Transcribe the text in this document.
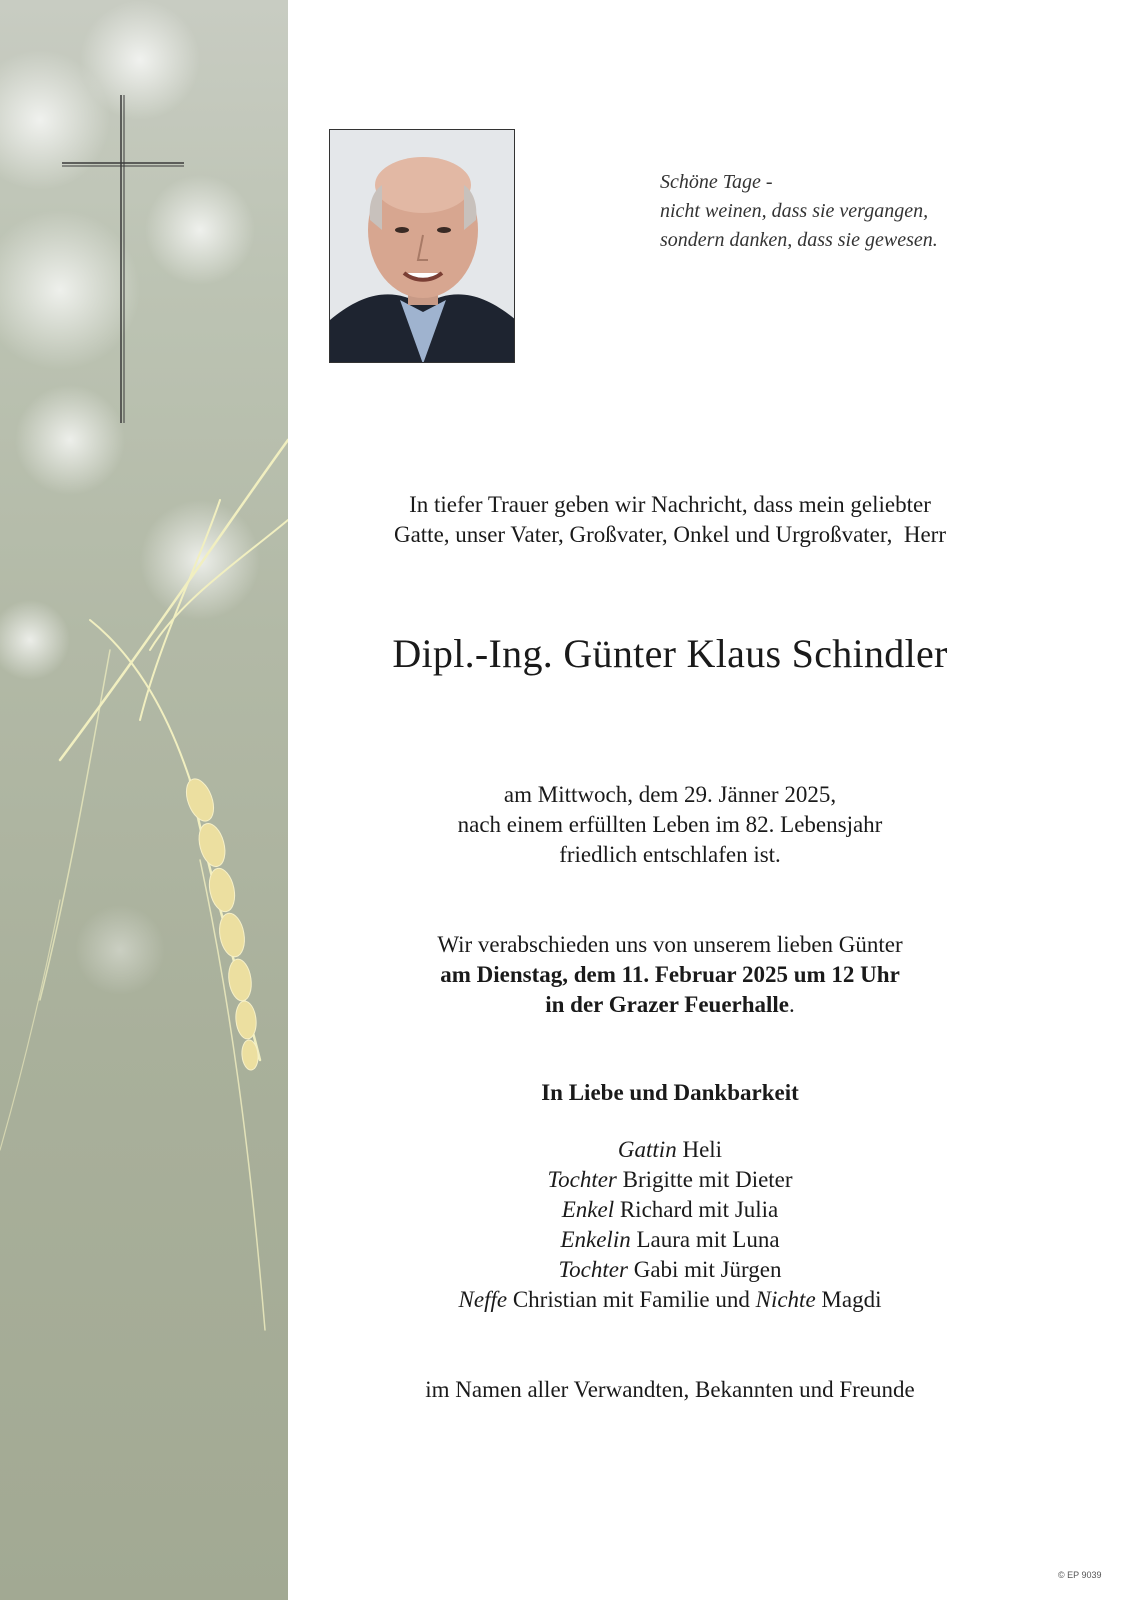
Schöne Tage -
nicht weinen, dass sie vergangen,
sondern danken, dass sie gewesen.
In tiefer Trauer geben wir Nachricht, dass mein geliebter
Gatte, unser Vater, Großvater, Onkel und Urgroßvater,  Herr
Dipl.-Ing. Günter Klaus Schindler
am Mittwoch, dem 29. Jänner 2025,
nach einem erfüllten Leben im 82. Lebensjahr
friedlich entschlafen ist.
Wir verabschieden uns von unserem lieben Günter
am Dienstag, dem 11. Februar 2025 um 12 Uhr
in der Grazer Feuerhalle.
In Liebe und Dankbarkeit
Gattin Heli
Tochter Brigitte mit Dieter
Enkel Richard mit Julia
Enkelin Laura mit Luna
Tochter Gabi mit Jürgen
Neffe Christian mit Familie und Nichte Magdi
im Namen aller Verwandten, Bekannten und Freunde
© EP 9039
